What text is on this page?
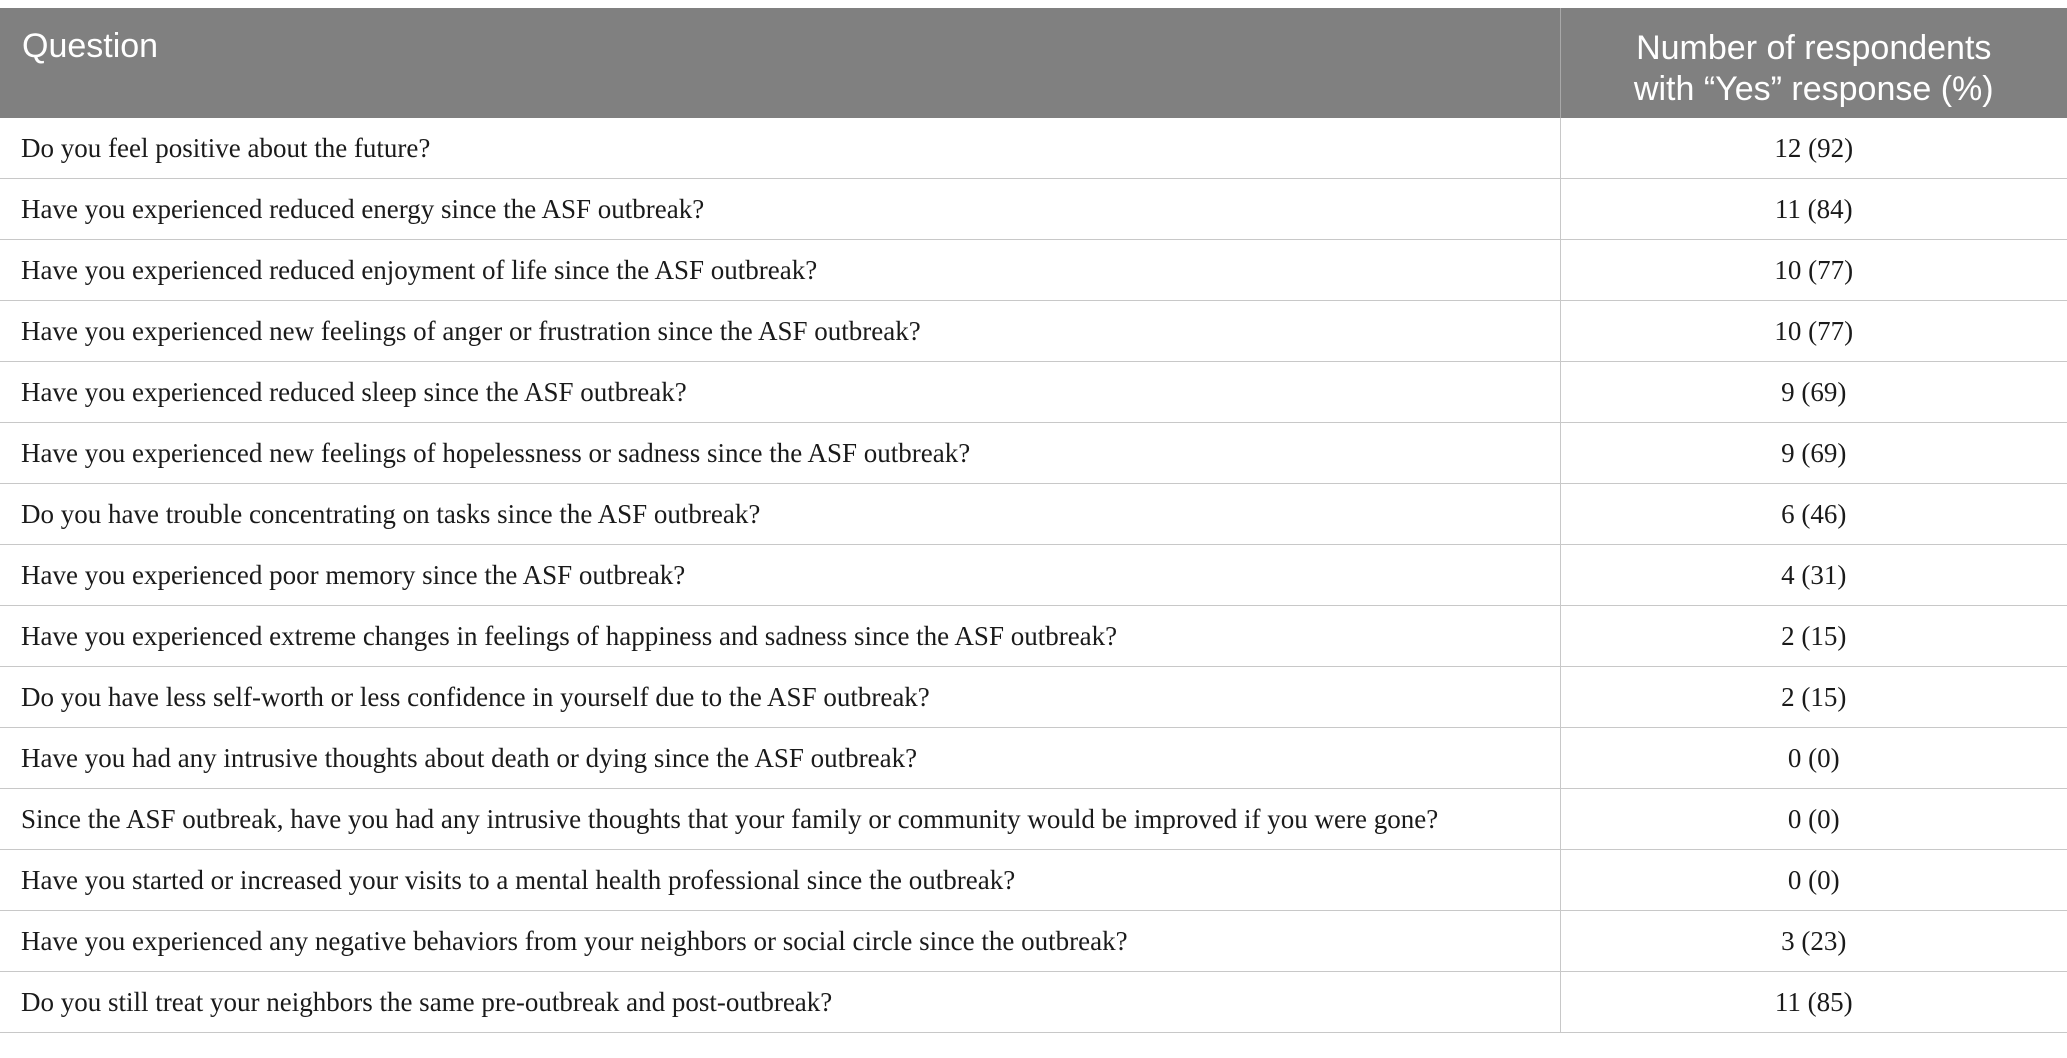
Question	Number of respondents
with “Yes” response (%)

Do you feel positive about the future?	12 (92)
Have you experienced reduced energy since the ASF outbreak?	11 (84)
Have you experienced reduced enjoyment of life since the ASF outbreak?	10 (77)
Have you experienced new feelings of anger or frustration since the ASF outbreak?	10 (77)
Have you experienced reduced sleep since the ASF outbreak?	9 (69)
Have you experienced new feelings of hopelessness or sadness since the ASF outbreak?	9 (69)
Do you have trouble concentrating on tasks since the ASF outbreak?	6 (46)
Have you experienced poor memory since the ASF outbreak?	4 (31)
Have you experienced extreme changes in feelings of happiness and sadness since the ASF outbreak?	2 (15)
Do you have less self-worth or less confidence in yourself due to the ASF outbreak?	2 (15)
Have you had any intrusive thoughts about death or dying since the ASF outbreak?	0 (0)
Since the ASF outbreak, have you had any intrusive thoughts that your family or community would be improved if you were gone?	0 (0)
Have you started or increased your visits to a mental health professional since the outbreak?	0 (0)
Have you experienced any negative behaviors from your neighbors or social circle since the outbreak?	3 (23)
Do you still treat your neighbors the same pre-outbreak and post-outbreak?	11 (85)
